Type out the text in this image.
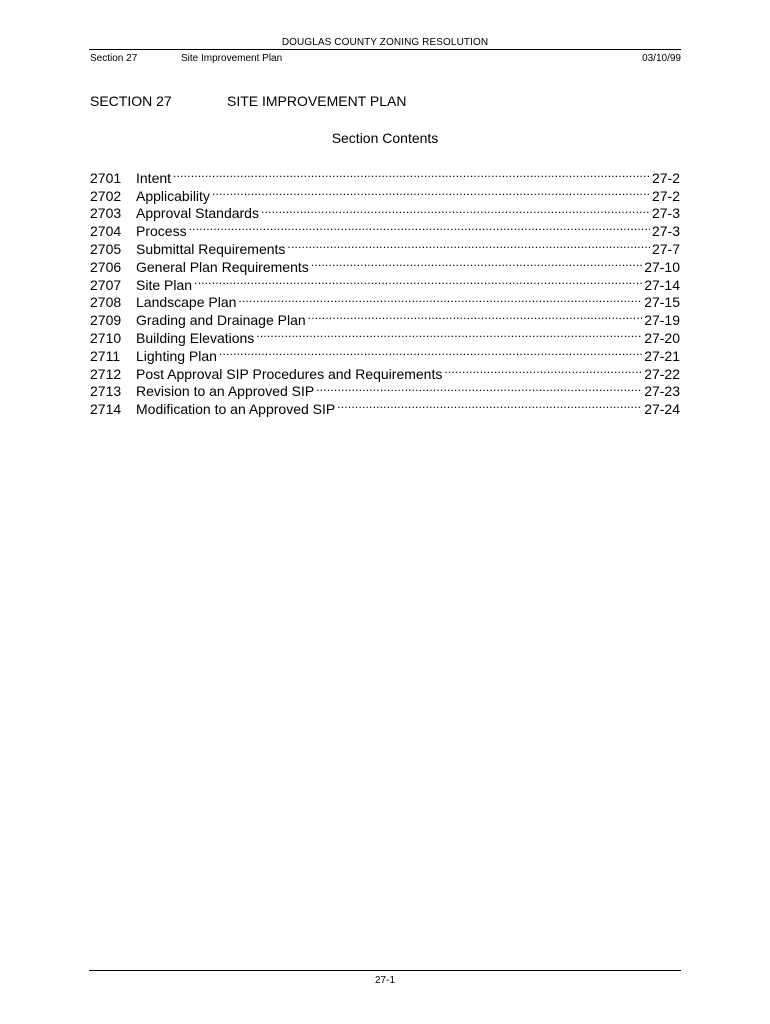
DOUGLAS COUNTY ZONING RESOLUTION
Section 27	Site Improvement Plan	03/10/99
SECTION 27	SITE IMPROVEMENT PLAN
Section Contents
2701	Intent .....	27-2
2702	Applicability .....	27-2
2703	Approval Standards .....	27-3
2704	Process .....	27-3
2705	Submittal Requirements .....	27-7
2706	General Plan Requirements .....	27-10
2707	Site Plan .....	27-14
2708	Landscape Plan .....	27-15
2709	Grading and Drainage Plan .....	27-19
2710	Building Elevations .....	27-20
2711	Lighting Plan .....	27-21
2712	Post Approval SIP Procedures and Requirements .....	27-22
2713	Revision to an Approved SIP .....	27-23
2714	Modification to an Approved SIP .....	27-24
27-1
